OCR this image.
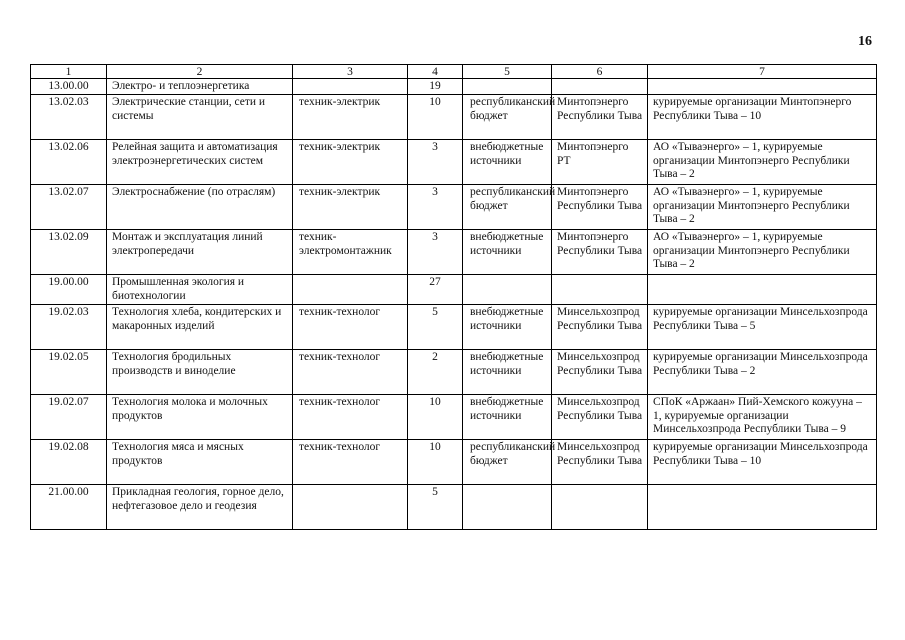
16
1	2	3	4	5	6	7
13.00.00	Электро- и теплоэнергетика		19			
13.02.03	Электрические станции, сети и системы	техник-электрик	10	республиканский бюджет	Минтопэнерго Республики Тыва	курируемые организации Минтопэнерго Республики Тыва – 10
13.02.06	Релейная защита и автоматизация электроэнергетических систем	техник-электрик	3	внебюджетные источники	Минтопэнерго РТ	АО «Тываэнерго» – 1, курируемые организации Минтопэнерго Республики Тыва – 2
13.02.07	Электроснабжение (по отраслям)	техник-электрик	3	республиканский бюджет	Минтопэнерго Республики Тыва	АО «Тываэнерго» – 1, курируемые организации Минтопэнерго Республики Тыва – 2
13.02.09	Монтаж и эксплуатация линий электропередачи	техник-электромонтажник	3	внебюджетные источники	Минтопэнерго Республики Тыва	АО «Тываэнерго» – 1, курируемые организации Минтопэнерго Республики Тыва – 2
19.00.00	Промышленная экология и биотехнологии		27			
19.02.03	Технология хлеба, кондитерских и макаронных изделий	техник-технолог	5	внебюджетные источники	Минсельхозпрод Республики Тыва	курируемые организации Минсельхозпрода Республики Тыва – 5
19.02.05	Технология бродильных производств и виноделие	техник-технолог	2	внебюджетные источники	Минсельхозпрод Республики Тыва	курируемые организации Минсельхозпрода Республики Тыва – 2
19.02.07	Технология молока и молочных продуктов	техник-технолог	10	внебюджетные источники	Минсельхозпрод Республики Тыва	СПоК «Аржаан» Пий-Хемского кожууна – 1, курируемые организации Минсельхозпрода Республики Тыва – 9
19.02.08	Технология мяса и мясных продуктов	техник-технолог	10	республиканский бюджет	Минсельхозпрод Республики Тыва	курируемые организации Минсельхозпрода Республики Тыва – 10
21.00.00	Прикладная геология, горное дело, нефтегазовое дело и геодезия		5			
